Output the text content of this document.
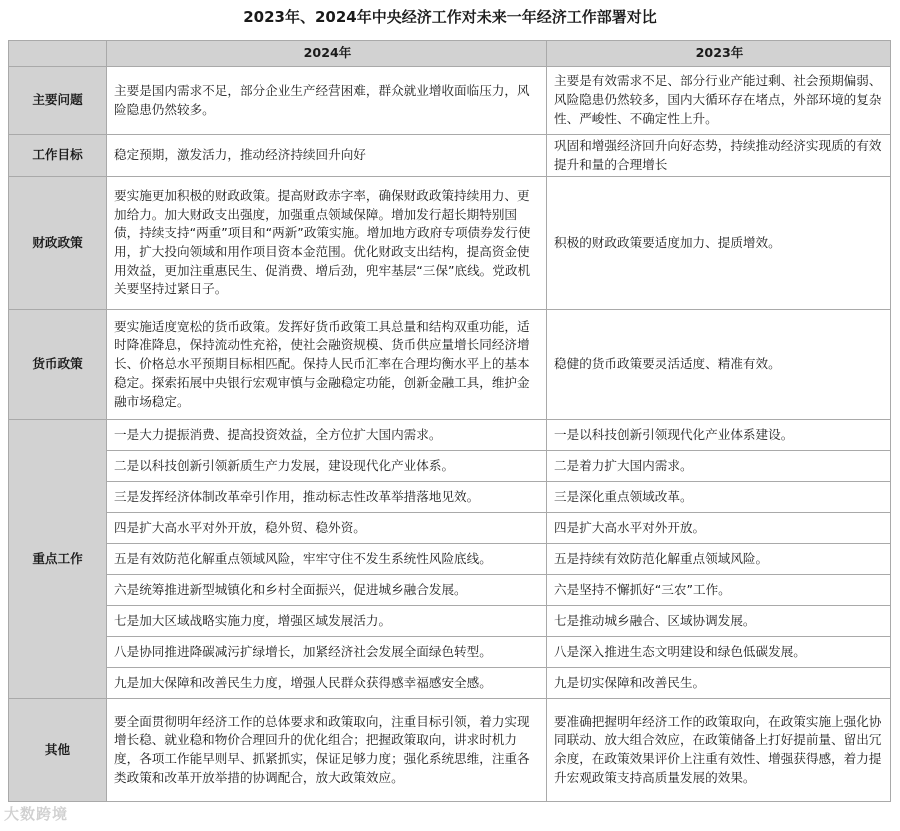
2023年、2024年中央经济工作对未来一年经济工作部署对比
	2024年	2023年
主要问题	主要是国内需求不足，部分企业生产经营困难，群众就业增收面临压力，风险隐患仍然较多。	主要是有效需求不足、部分行业产能过剩、社会预期偏弱、风险隐患仍然较多，国内大循环存在堵点，外部环境的复杂性、严峻性、不确定性上升。
工作目标	稳定预期，激发活力，推动经济持续回升向好	巩固和增强经济回升向好态势，持续推动经济实现质的有效提升和量的合理增长
财政政策	要实施更加积极的财政政策。提高财政赤字率，确保财政政策持续用力、更加给力。加大财政支出强度，加强重点领域保障。增加发行超长期特别国债，持续支持“两重”项目和“两新”政策实施。增加地方政府专项债券发行使用，扩大投向领域和用作项目资本金范围。优化财政支出结构，提高资金使用效益，更加注重惠民生、促消费、增后劲，兜牢基层“三保”底线。党政机关要坚持过紧日子。	积极的财政政策要适度加力、提质增效。
货币政策	要实施适度宽松的货币政策。发挥好货币政策工具总量和结构双重功能，适时降准降息，保持流动性充裕，使社会融资规模、货币供应量增长同经济增长、价格总水平预期目标相匹配。保持人民币汇率在合理均衡水平上的基本稳定。探索拓展中央银行宏观审慎与金融稳定功能，创新金融工具，维护金融市场稳定。	稳健的货币政策要灵活适度、精准有效。
重点工作	一是大力提振消费、提高投资效益，全方位扩大国内需求。	一是以科技创新引领现代化产业体系建设。
	二是以科技创新引领新质生产力发展，建设现代化产业体系。	二是着力扩大国内需求。
	三是发挥经济体制改革牵引作用，推动标志性改革举措落地见效。	三是深化重点领域改革。
	四是扩大高水平对外开放，稳外贸、稳外资。	四是扩大高水平对外开放。
	五是有效防范化解重点领域风险，牢牢守住不发生系统性风险底线。	五是持续有效防范化解重点领域风险。
	六是统筹推进新型城镇化和乡村全面振兴，促进城乡融合发展。	六是坚持不懈抓好“三农”工作。
	七是加大区域战略实施力度，增强区域发展活力。	七是推动城乡融合、区域协调发展。
	八是协同推进降碳减污扩绿增长，加紧经济社会发展全面绿色转型。	八是深入推进生态文明建设和绿色低碳发展。
	九是加大保障和改善民生力度，增强人民群众获得感幸福感安全感。	九是切实保障和改善民生。
其他	要全面贯彻明年经济工作的总体要求和政策取向，注重目标引领，着力实现增长稳、就业稳和物价合理回升的优化组合；把握政策取向，讲求时机力度，各项工作能早则早、抓紧抓实，保证足够力度；强化系统思维，注重各类政策和改革开放举措的协调配合，放大政策效应。	要准确把握明年经济工作的政策取向，在政策实施上强化协同联动、放大组合效应，在政策储备上打好提前量、留出冗余度，在政策效果评价上注重有效性、增强获得感，着力提升宏观政策支持高质量发展的效果。
大数跨境
